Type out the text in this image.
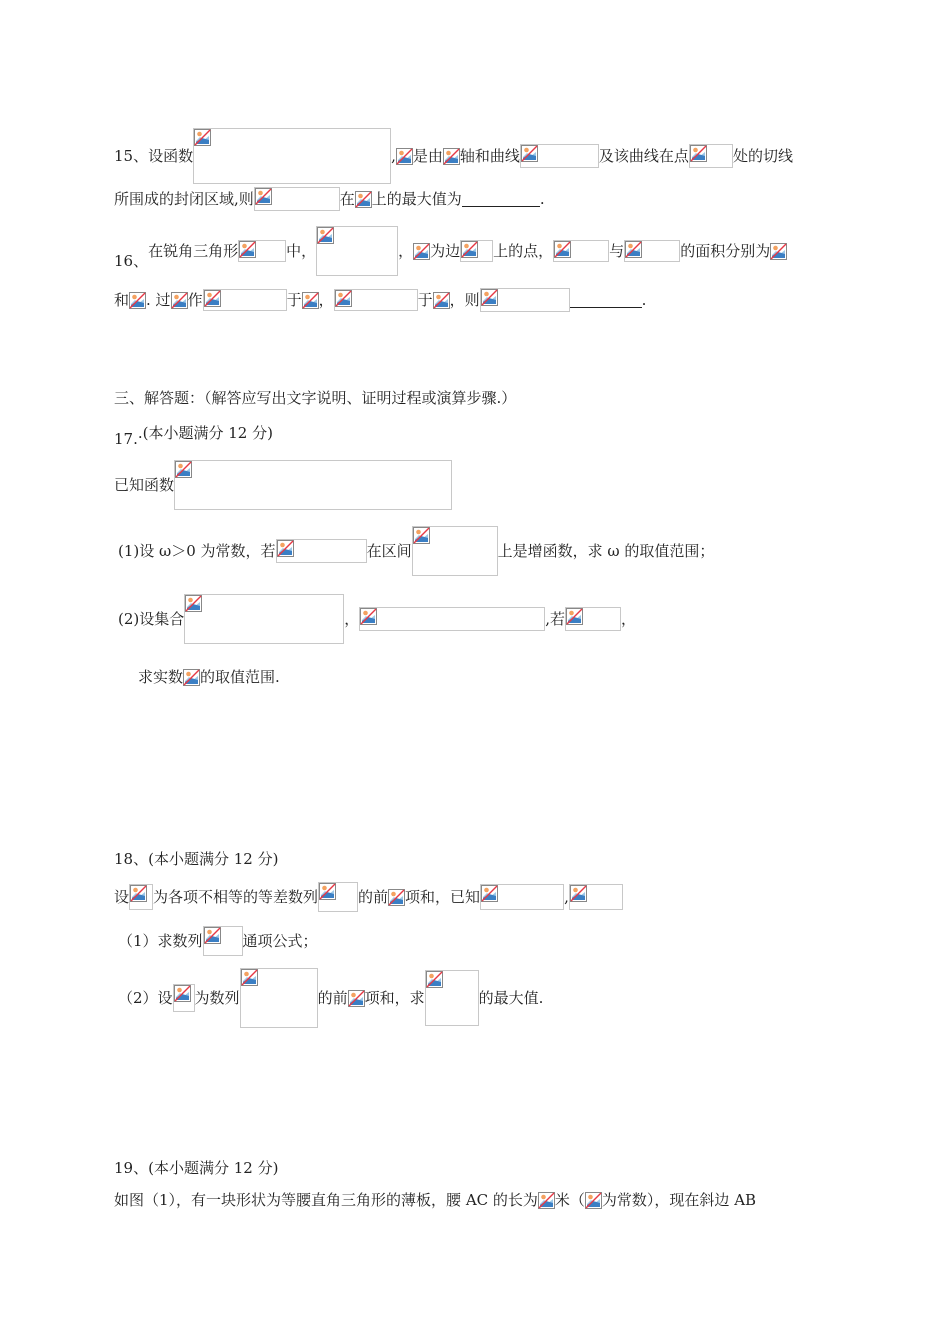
15、设函数	, 是由 轴和曲线	及该曲线在点	处的切线
所围成的封闭区域,则	在 上的最大值为	.
16、在锐角三角形	中，	， 为边 上的点，	与	的面积分别为
和 . 过 作	于 ，	于 ，则	.
三、解答题：（解答应写出文字说明、证明过程或演算步骤.）
17..(本小题满分 12 分)
已知函数
(1)设 ω＞0 为常数，若	在区间	上是增函数，求 ω 的取值范围；
(2)设集合	，	,若	，
求实数 的取值范围.
18、(本小题满分 12 分)
设 为各项不相等的等差数列	的前 项和，已知	,
（1）求数列	通项公式；
（2）设 为数列	的前 项和，求	的最大值.
19、(本小题满分 12 分)
如图（1），有一块形状为等腰直角三角形的薄板，腰 AC 的长为 米（ 为常数），现在斜边 AB
